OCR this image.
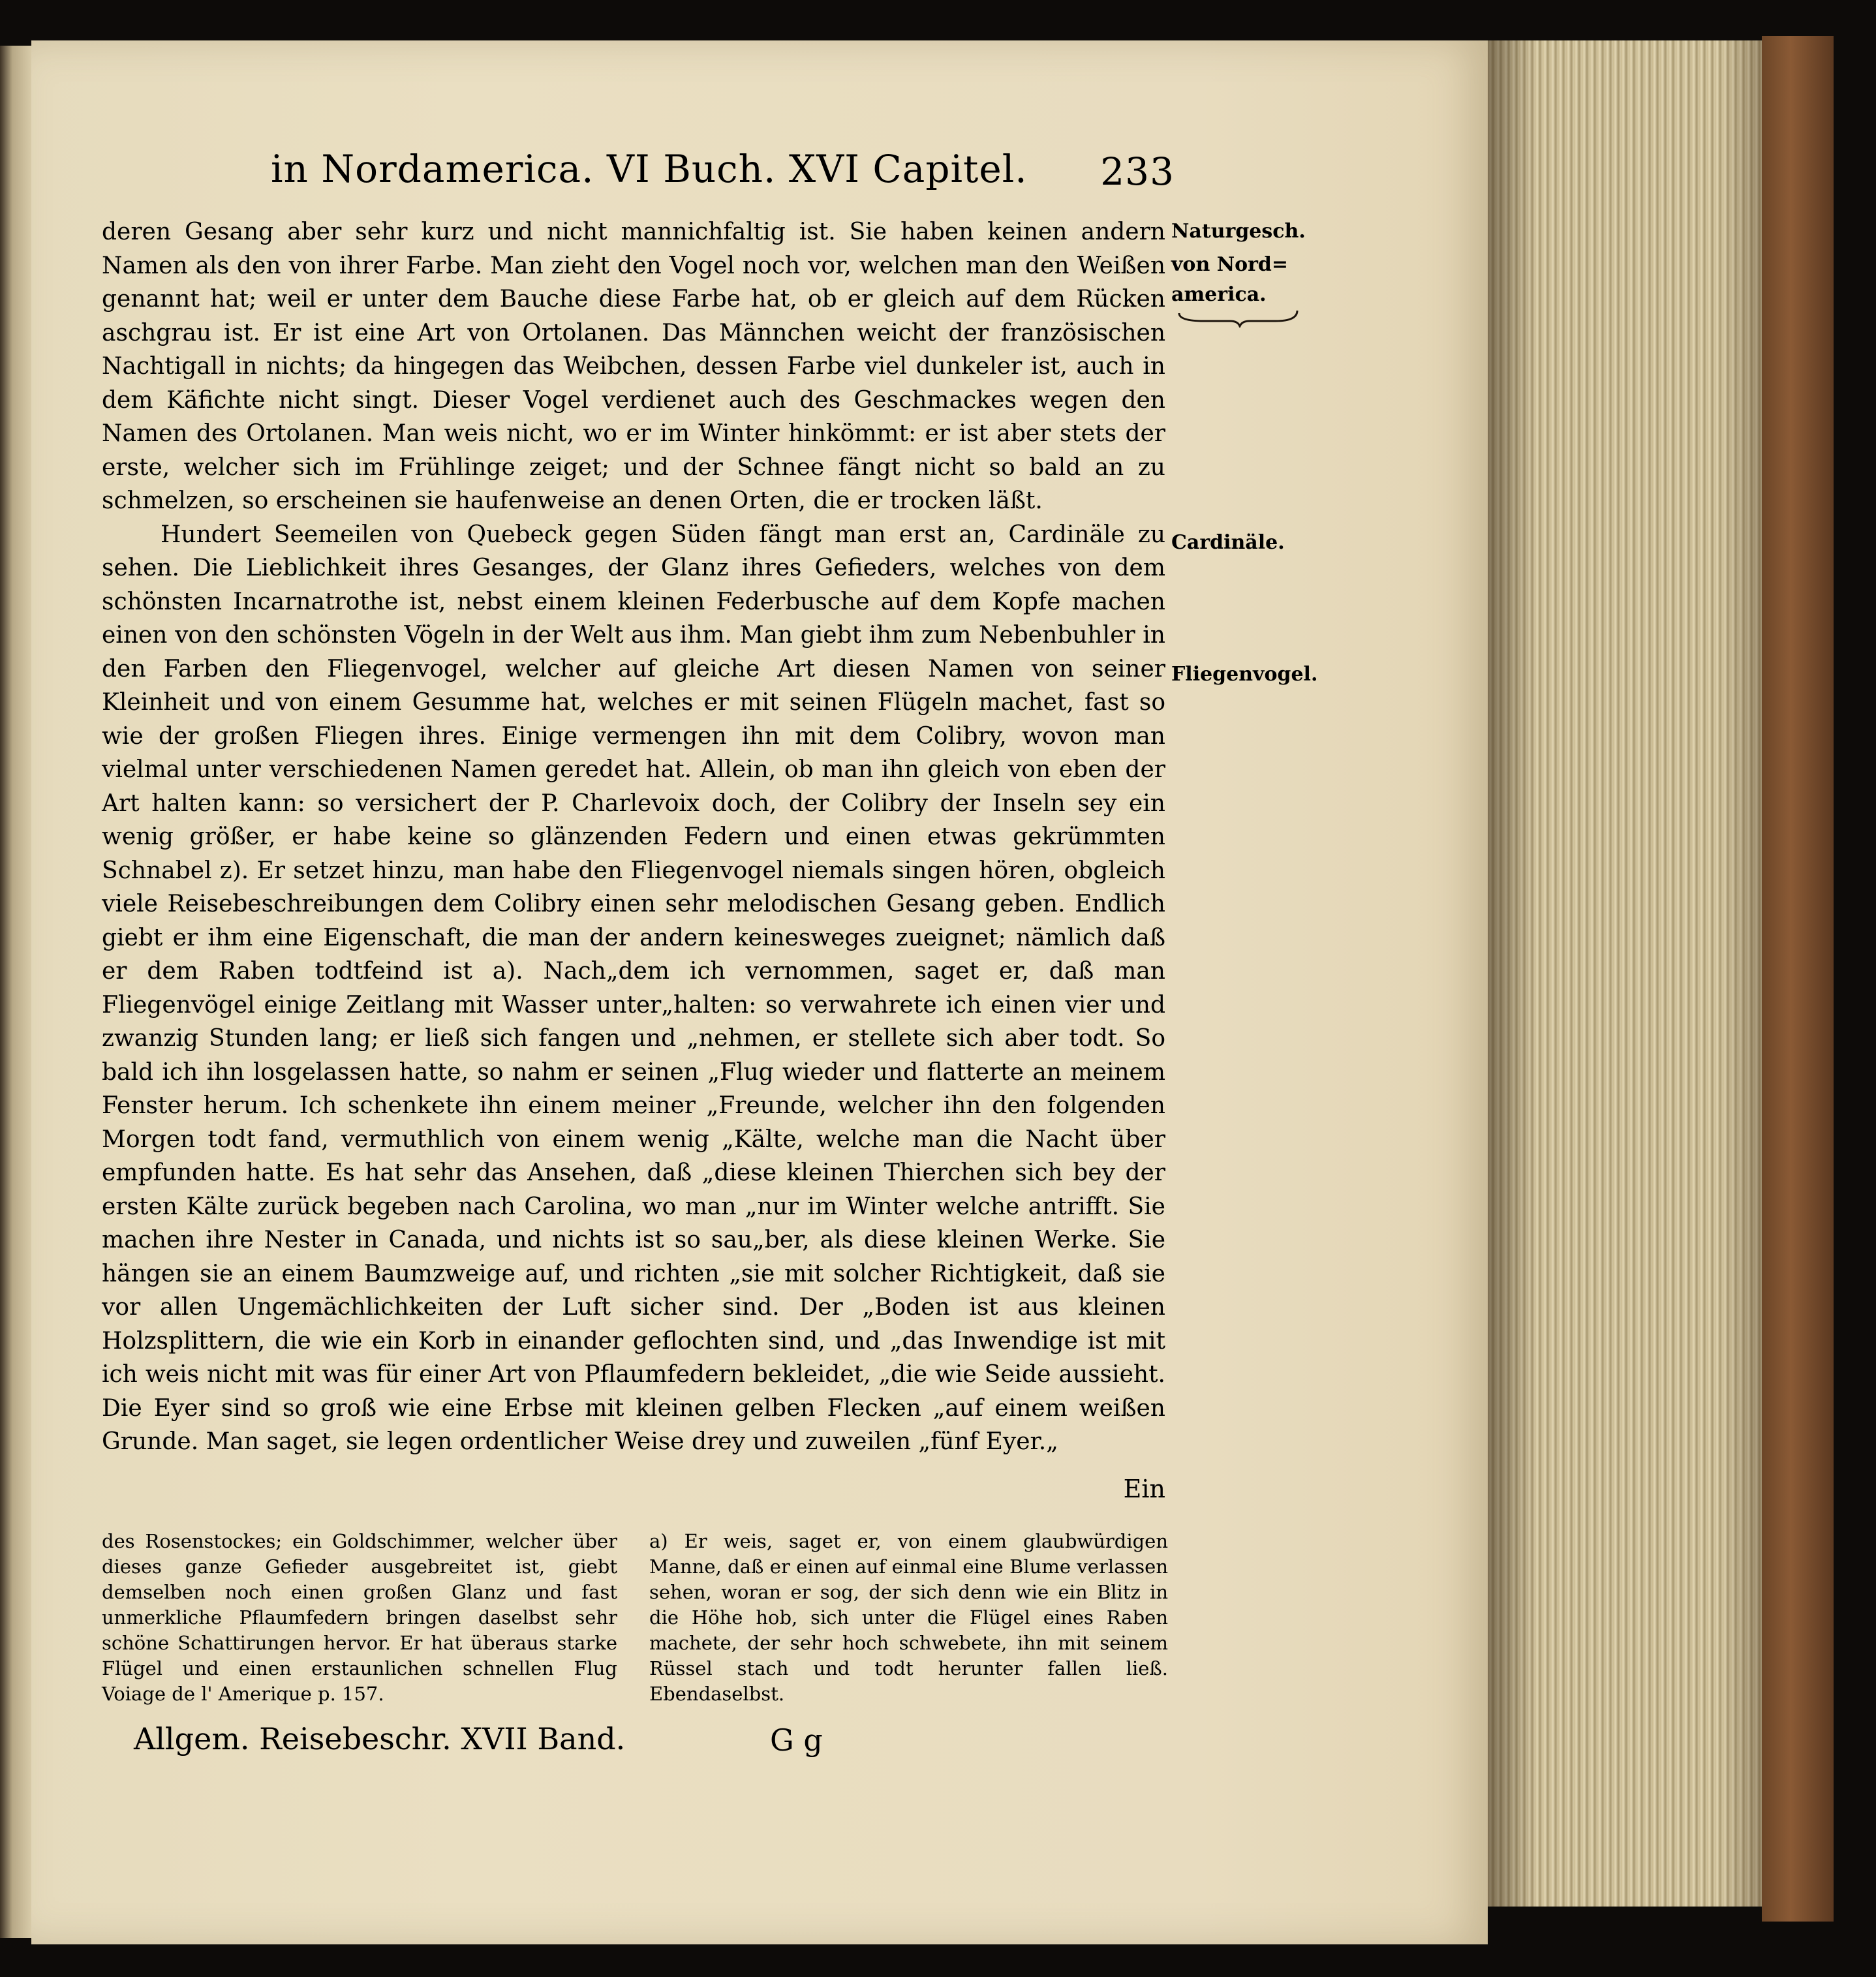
in Nordamerica. VI Buch. XVI Capitel. 233

deren Gesang aber sehr kurz und nicht mannichfaltig ist. Sie haben keinen andern Namen als den von ihrer Farbe. Man zieht den Vogel noch vor, welchen man den Weißen genannt hat; weil er unter dem Bauche diese Farbe hat, ob er gleich auf dem Rücken aschgrau ist. Er ist eine Art von Ortolanen. Das Männchen weicht der französischen Nachtigall in nichts; da hingegen das Weibchen, dessen Farbe viel dunkeler ist, auch in dem Käfichte nicht singt. Dieser Vogel verdienet auch des Geschmackes wegen den Namen des Ortolanen. Man weis nicht, wo er im Winter hinkömmt: er ist aber stets der erste, welcher sich im Frühlinge zeiget; und der Schnee fängt nicht so bald an zu schmelzen, so erscheinen sie haufenweise an denen Orten, die er trocken läßt.

Hundert Seemeilen von Quebeck gegen Süden fängt man erst an, Cardinäle zu sehen. Die Lieblichkeit ihres Gesanges, der Glanz ihres Gefieders, welches von dem schönsten Incarnatrothe ist, nebst einem kleinen Federbusche auf dem Kopfe machen einen von den schönsten Vögeln in der Welt aus ihm. Man giebt ihm zum Nebenbuhler in den Farben den Fliegenvogel, welcher auf gleiche Art diesen Namen von seiner Kleinheit und von einem Gesumme hat, welches er mit seinen Flügeln machet, fast so wie der großen Fliegen ihres. Einige vermengen ihn mit dem Colibry, wovon man vielmal unter verschiedenen Namen geredet hat. Allein, ob man ihn gleich von eben der Art halten kann: so versichert der P. Charlevoix doch, der Colibry der Inseln sey ein wenig größer, er habe keine so glänzenden Federn und einen etwas gekrümmten Schnabel z). Er setzet hinzu, man habe den Fliegenvogel niemals singen hören, obgleich viele Reisebeschreibungen dem Colibry einen sehr melodischen Gesang geben. Endlich giebt er ihm eine Eigenschaft, die man der andern keinesweges zueignet; nämlich daß er dem Raben todtfeind ist a). Nach„dem ich vernommen, saget er, daß man Fliegenvögel einige Zeitlang mit Wasser unter„halten: so verwahrete ich einen vier und zwanzig Stunden lang; er ließ sich fangen und „nehmen, er stellete sich aber todt. So bald ich ihn losgelassen hatte, so nahm er seinen „Flug wieder und flatterte an meinem Fenster herum. Ich schenkete ihn einem meiner „Freunde, welcher ihn den folgenden Morgen todt fand, vermuthlich von einem wenig „Kälte, welche man die Nacht über empfunden hatte. Es hat sehr das Ansehen, daß „diese kleinen Thierchen sich bey der ersten Kälte zurück begeben nach Carolina, wo man „nur im Winter welche antrifft. Sie machen ihre Nester in Canada, und nichts ist so sau„ber, als diese kleinen Werke. Sie hängen sie an einem Baumzweige auf, und richten „sie mit solcher Richtigkeit, daß sie vor allen Ungemächlichkeiten der Luft sicher sind. Der „Boden ist aus kleinen Holzsplittern, die wie ein Korb in einander geflochten sind, und „das Inwendige ist mit ich weis nicht mit was für einer Art von Pflaumfedern bekleidet, „die wie Seide aussieht. Die Eyer sind so groß wie eine Erbse mit kleinen gelben Flecken „auf einem weißen Grunde. Man saget, sie legen ordentlicher Weise drey und zuweilen „fünf Eyer.„

Naturgesch.
von Nord=
america.
Cardinäle.
Fliegenvogel.
Ein

des Rosenstockes; ein Goldschimmer, welcher über dieses ganze Gefieder ausgebreitet ist, giebt demselben noch einen großen Glanz und fast unmerkliche Pflaumfedern bringen daselbst sehr schöne Schattirungen hervor. Er hat überaus starke Flügel und einen erstaunlichen schnellen Flug Voiage de l' Amerique p. 157.

a) Er weis, saget er, von einem glaubwürdigen Manne, daß er einen auf einmal eine Blume verlassen sehen, woran er sog, der sich denn wie ein Blitz in die Höhe hob, sich unter die Flügel eines Raben machete, der sehr hoch schwebete, ihn mit seinem Rüssel stach und todt herunter fallen ließ. Ebendaselbst.

Allgem. Reisebeschr. XVII Band.	G g
